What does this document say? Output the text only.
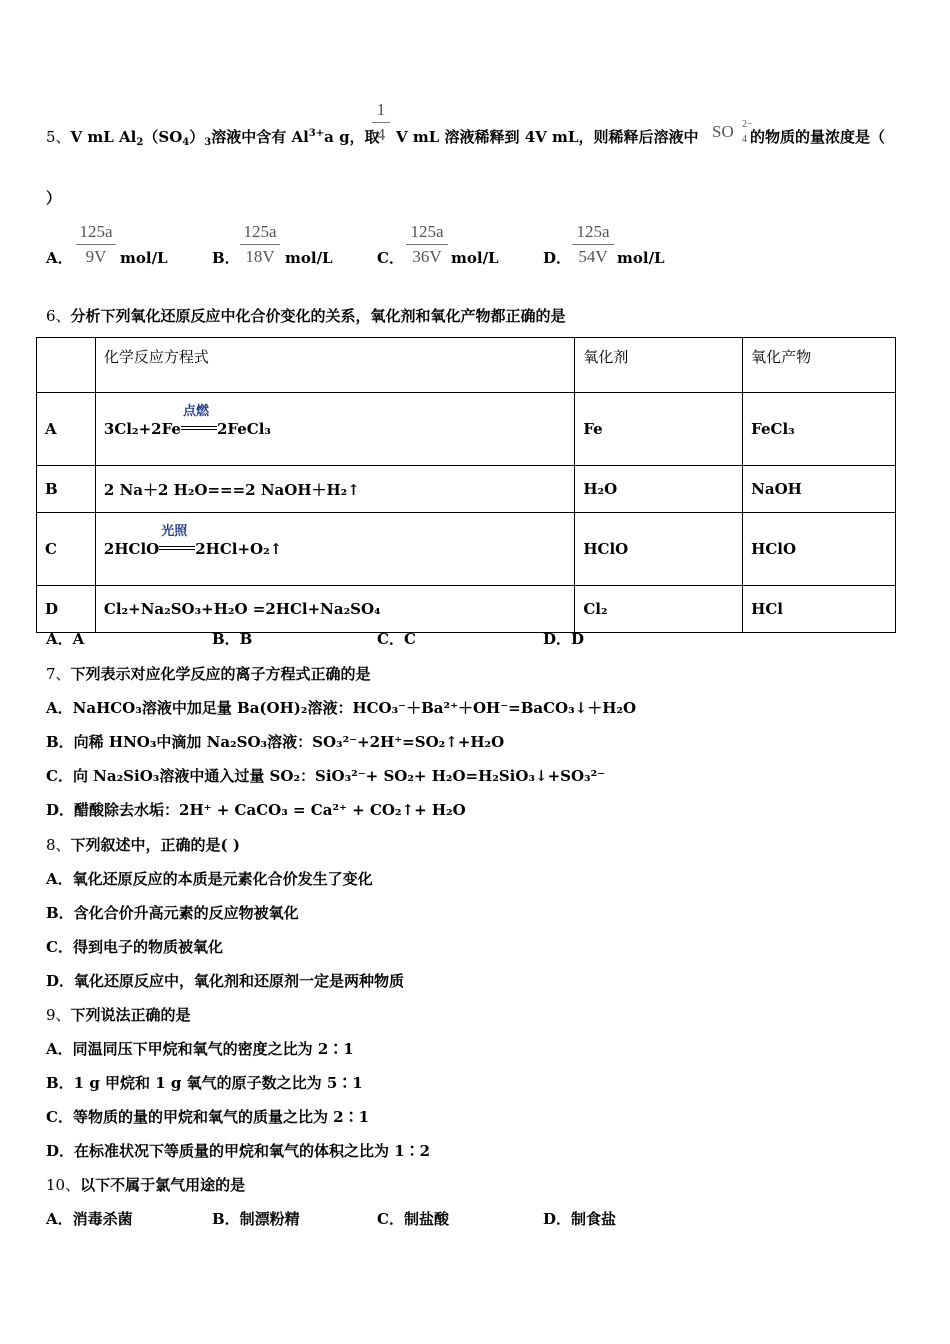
5、V mL $Al_2(SO_4)_3$溶液中含有 $Al^{3+}a$ g，取
1
4 V mL 溶液稀释到 4V mL，则稀释后溶液中 SO 2−
4 的物质的量浓度是（
）
A．
125a
9V mol/L	B．
125a
18V mol/L	C．
125a
36V mol/L	D．
125a
54V mol/L
6、分析下列氧化还原反应中化合价变化的关系，氧化剂和氧化产物都正确的是
	化学反应方程式	氧化剂	氧化产物
A	3Cl₂+2Fe
点燃
2FeCl₃	Fe	FeCl₃
B	2 Na＋2 H₂O===2 NaOH＋H₂↑	H₂O	NaOH
C	2HClO
光照
2HCl+O₂↑	HClO	HClO
D	Cl₂+Na₂SO₃+H₂O =2HCl+Na₂SO₄	Cl₂	HCl
A．A	B．B	C．C	D．D
7、下列表示对应化学反应的离子方程式正确的是
A．NaHCO₃溶液中加足量 Ba(OH)₂溶液：HCO₃⁻＋Ba²⁺＋OH⁻=BaCO₃↓＋H₂O
B．向稀 HNO₃中滴加 Na₂SO₃溶液：SO₃²⁻+2H⁺=SO₂↑+H₂O
C．向 Na₂SiO₃溶液中通入过量 SO₂：SiO₃²⁻+ SO₂+ H₂O=H₂SiO₃↓+SO₃²⁻
D．醋酸除去水垢：2H⁺ + CaCO₃ = Ca²⁺ + CO₂↑+ H₂O
8、下列叙述中，正确的是( )
A．氧化还原反应的本质是元素化合价发生了变化
B．含化合价升高元素的反应物被氧化
C．得到电子的物质被氧化
D．氧化还原反应中，氧化剂和还原剂一定是两种物质
9、下列说法正确的是
A．同温同压下甲烷和氧气的密度之比为 2∶1
B．1 g 甲烷和 1 g 氧气的原子数之比为 5∶1
C．等物质的量的甲烷和氧气的质量之比为 2∶1
D．在标准状况下等质量的甲烷和氧气的体积之比为 1∶2
10、以下不属于氯气用途的是
A．消毒杀菌	B．制漂粉精	C．制盐酸	D．制食盐
